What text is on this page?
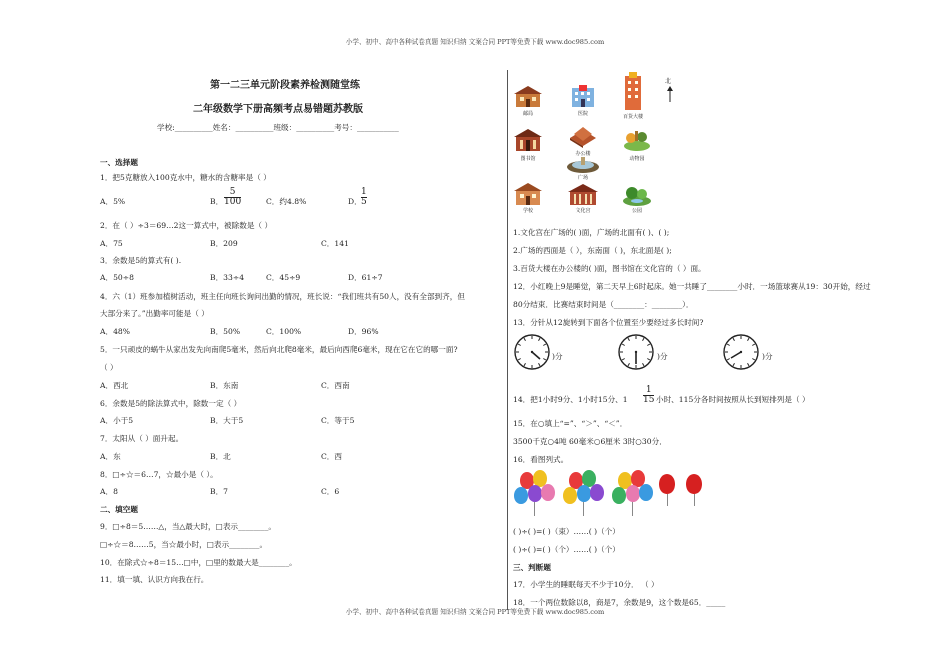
小学、初中、高中各种试卷真题 知识归纳 文案合同 PPT等免费下载 www.doc985.com
第一二三单元阶段素养检测随堂练
二年级数学下册高频考点易错题苏教版
学校:__________姓名：__________班级：__________考号：___________
一、选择题
1．把5克糖放入100克水中，糖水的含糖率是（ ）
A．5%	B．
5
100	C．约4.8%	D．
1
5
2．在（ ）÷3＝69…2这一算式中，被除数是（ ）
A．75	B．209	C．141
3．余数是5的算式有( ).
A．50÷8	B．33÷4	C．45÷9	D．61÷7
4．六（1）班参加植树活动，班主任向班长询问出勤的情况，班长说：“我们班共有50人，没有全部到齐，但
大部分来了。”出勤率可能是（ ）
A．48%	B．50%	C．100%	D．96%
5．一只顽皮的蜗牛从家出发先向南爬5毫米，然后向北爬8毫米，最后向西爬6毫米，现在它在它的哪一面?
（ ）
A．西北	B．东南	C．西南
6．余数是5的除法算式中，除数一定（ ）
A．小于5	B．大于5	C．等于5
7．太阳从（ ）面升起。
A．东	B．北	C．西
8．□÷☆＝6…7，☆最小是（ ）。
A．8	B．7	C．6
二、填空题
9．□÷8＝5……△，当△最大时，□表示________。
□÷☆＝8……5，当☆最小时，□表示________。
10．在除式☆÷8＝15…□中，□里的数最大是________。
11．填一填、认识方向我在行。
北
邮局	医院	百货大楼
图书馆
办公楼
动物园
学校
广场
文化宫	公园
1.文化宫在广场的( )面，广场的北面有( )、( );
2.广场的西面是（ ），东南面（ )，东北面是( );
3.百货大楼在办公楼的( )面，图书馆在文化宫的（ ）面。
12．小红晚上9是睡觉，第二天早上6时起床。她一共睡了________小时．一场篮球赛从19：30开始，经过
80分结束．比赛结束时间是（________：________）．
13．分针从12旋转到下面各个位置至少要经过多长时间?
)分	)分	)分
14．把1小时9分、1小时15分、1
1
15 小时、115分各时间按照从长到短排列是（ ）
15．在○填上“=”、“＞”、“＜”．
3500千克○4吨 60毫米○6厘米 3时○30分．
16．看图列式。
( )÷( )=( )（束）……( )（个）
( )÷( )=( )（个）……( )（个）
三、判断题
17．小学生的睡眠每天不少于10分． （ ）
18．一个两位数除以8，商是7，余数是9，这个数是65．_____
小学、初中、高中各种试卷真题 知识归纳 文案合同 PPT等免费下载 www.doc985.com
